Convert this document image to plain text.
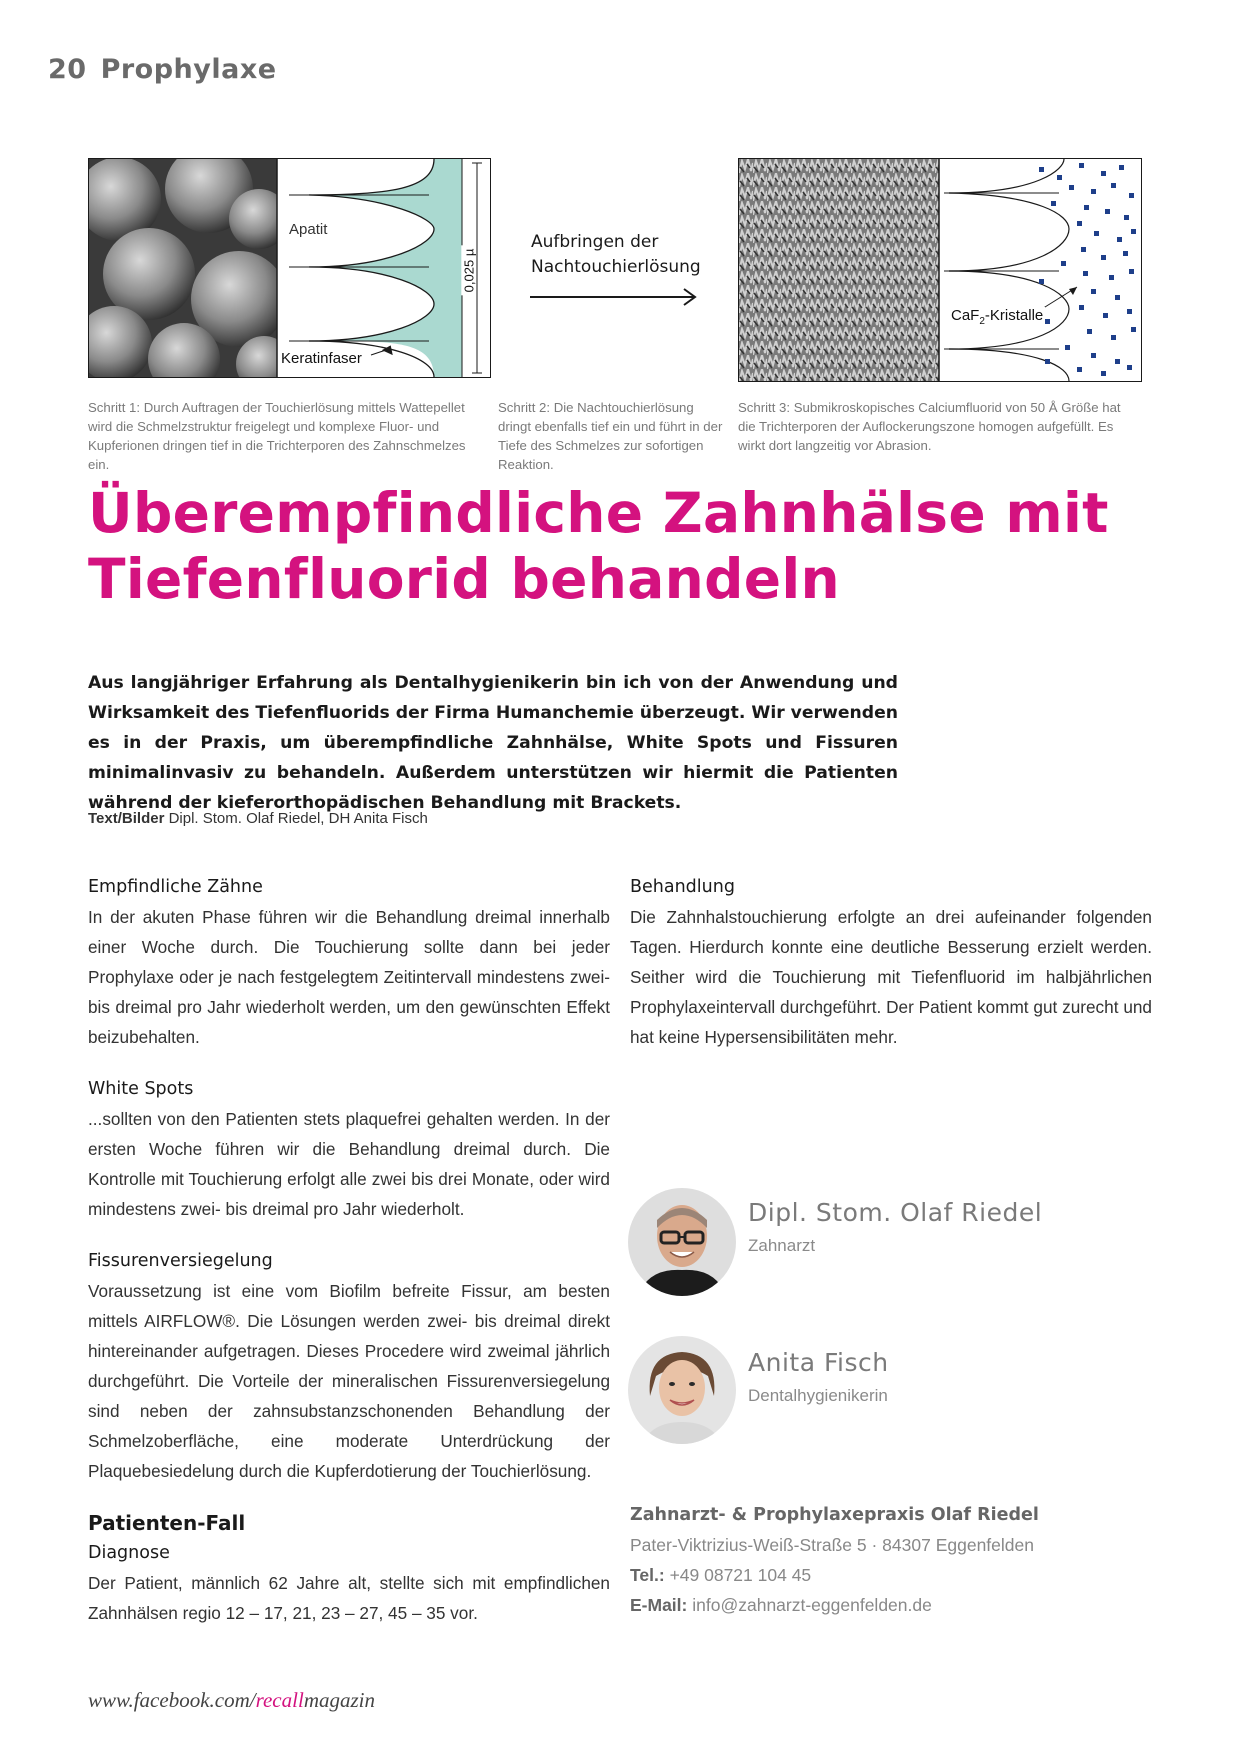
20 Prophylaxe
Apatit
Keratinfaser
0,025 µ
Aufbringen der
Nachtouchierlösung
CaF$_2$-Kristalle
Schritt 1: Durch Auftragen der Touchierlösung mittels Wattepellet wird die Schmelzstruktur freigelegt und komplexe Fluor- und Kupferionen dringen tief in die Trichterporen des Zahnschmelzes ein.
Schritt 2: Die Nachtouchierlösung dringt ebenfalls tief ein und führt in der Tiefe des Schmelzes zur sofortigen Reaktion.
Schritt 3: Submikroskopisches Calciumfluorid von 50 Å Größe hat die Trichterporen der Auflockerungszone homogen aufgefüllt. Es wirkt dort langzeitig vor Abrasion.
Überempfindliche Zahnhälse mit
Tiefenfluorid behandeln
Aus langjähriger Erfahrung als Dentalhygienikerin bin ich von der Anwendung und Wirksamkeit des Tiefenfluorids der Firma Humanchemie überzeugt. Wir verwenden es in der Praxis, um überempfindliche Zahnhälse, White Spots und Fissuren minimalinvasiv zu behandeln. Außerdem unterstützen wir hiermit die Patienten während der kieferorthopädischen Behandlung mit Brackets.
Text/Bilder Dipl. Stom. Olaf Riedel, DH Anita Fisch
Empfindliche Zähne

In der akuten Phase führen wir die Behandlung dreimal innerhalb einer Woche durch. Die Touchierung sollte dann bei jeder Prophylaxe oder je nach festgelegtem Zeitintervall mindestens zwei- bis dreimal pro Jahr wiederholt werden, um den gewünschten Effekt beizubehalten.

White Spots

...sollten von den Patienten stets plaquefrei gehalten werden. In der ersten Woche führen wir die Behandlung dreimal durch. Die Kontrolle mit Touchierung erfolgt alle zwei bis drei Monate, oder wird mindestens zwei- bis dreimal pro Jahr wiederholt.

Fissurenversiegelung

Voraussetzung ist eine vom Biofilm befreite Fissur, am besten mittels AIRFLOW®. Die Lösungen werden zwei- bis dreimal direkt hintereinander aufgetragen. Dieses Procedere wird zweimal jährlich durchgeführt. Die Vorteile der mineralischen Fissurenversiegelung sind neben der zahnsubstanzschonenden Behandlung der Schmelzoberfläche, eine moderate Unterdrückung der Plaquebesiedelung durch die Kupferdotierung der Touchierlösung.

Patienten-Fall
Diagnose

Der Patient, männlich 62 Jahre alt, stellte sich mit empfindlichen Zahnhälsen regio 12 – 17, 21, 23 – 27, 45 – 35 vor.

Behandlung

Die Zahnhalstouchierung erfolgte an drei aufeinander folgenden Tagen. Hierdurch konnte eine deutliche Besserung erzielt werden. Seither wird die Touchierung mit Tiefenfluorid im halbjährlichen Prophylaxeintervall durchgeführt. Der Patient kommt gut zurecht und hat keine Hypersensibilitäten mehr.

Dipl. Stom. Olaf Riedel
Zahnarzt
Anita Fisch
Dentalhygienikerin
Zahnarzt- & Prophylaxepraxis Olaf Riedel
Pater-Viktrizius-Weiß-Straße 5 · 84307 Eggenfelden
Tel.: +49 08721 104 45
E-Mail: info@zahnarzt-eggenfelden.de
www.facebook.com/recallmagazin
